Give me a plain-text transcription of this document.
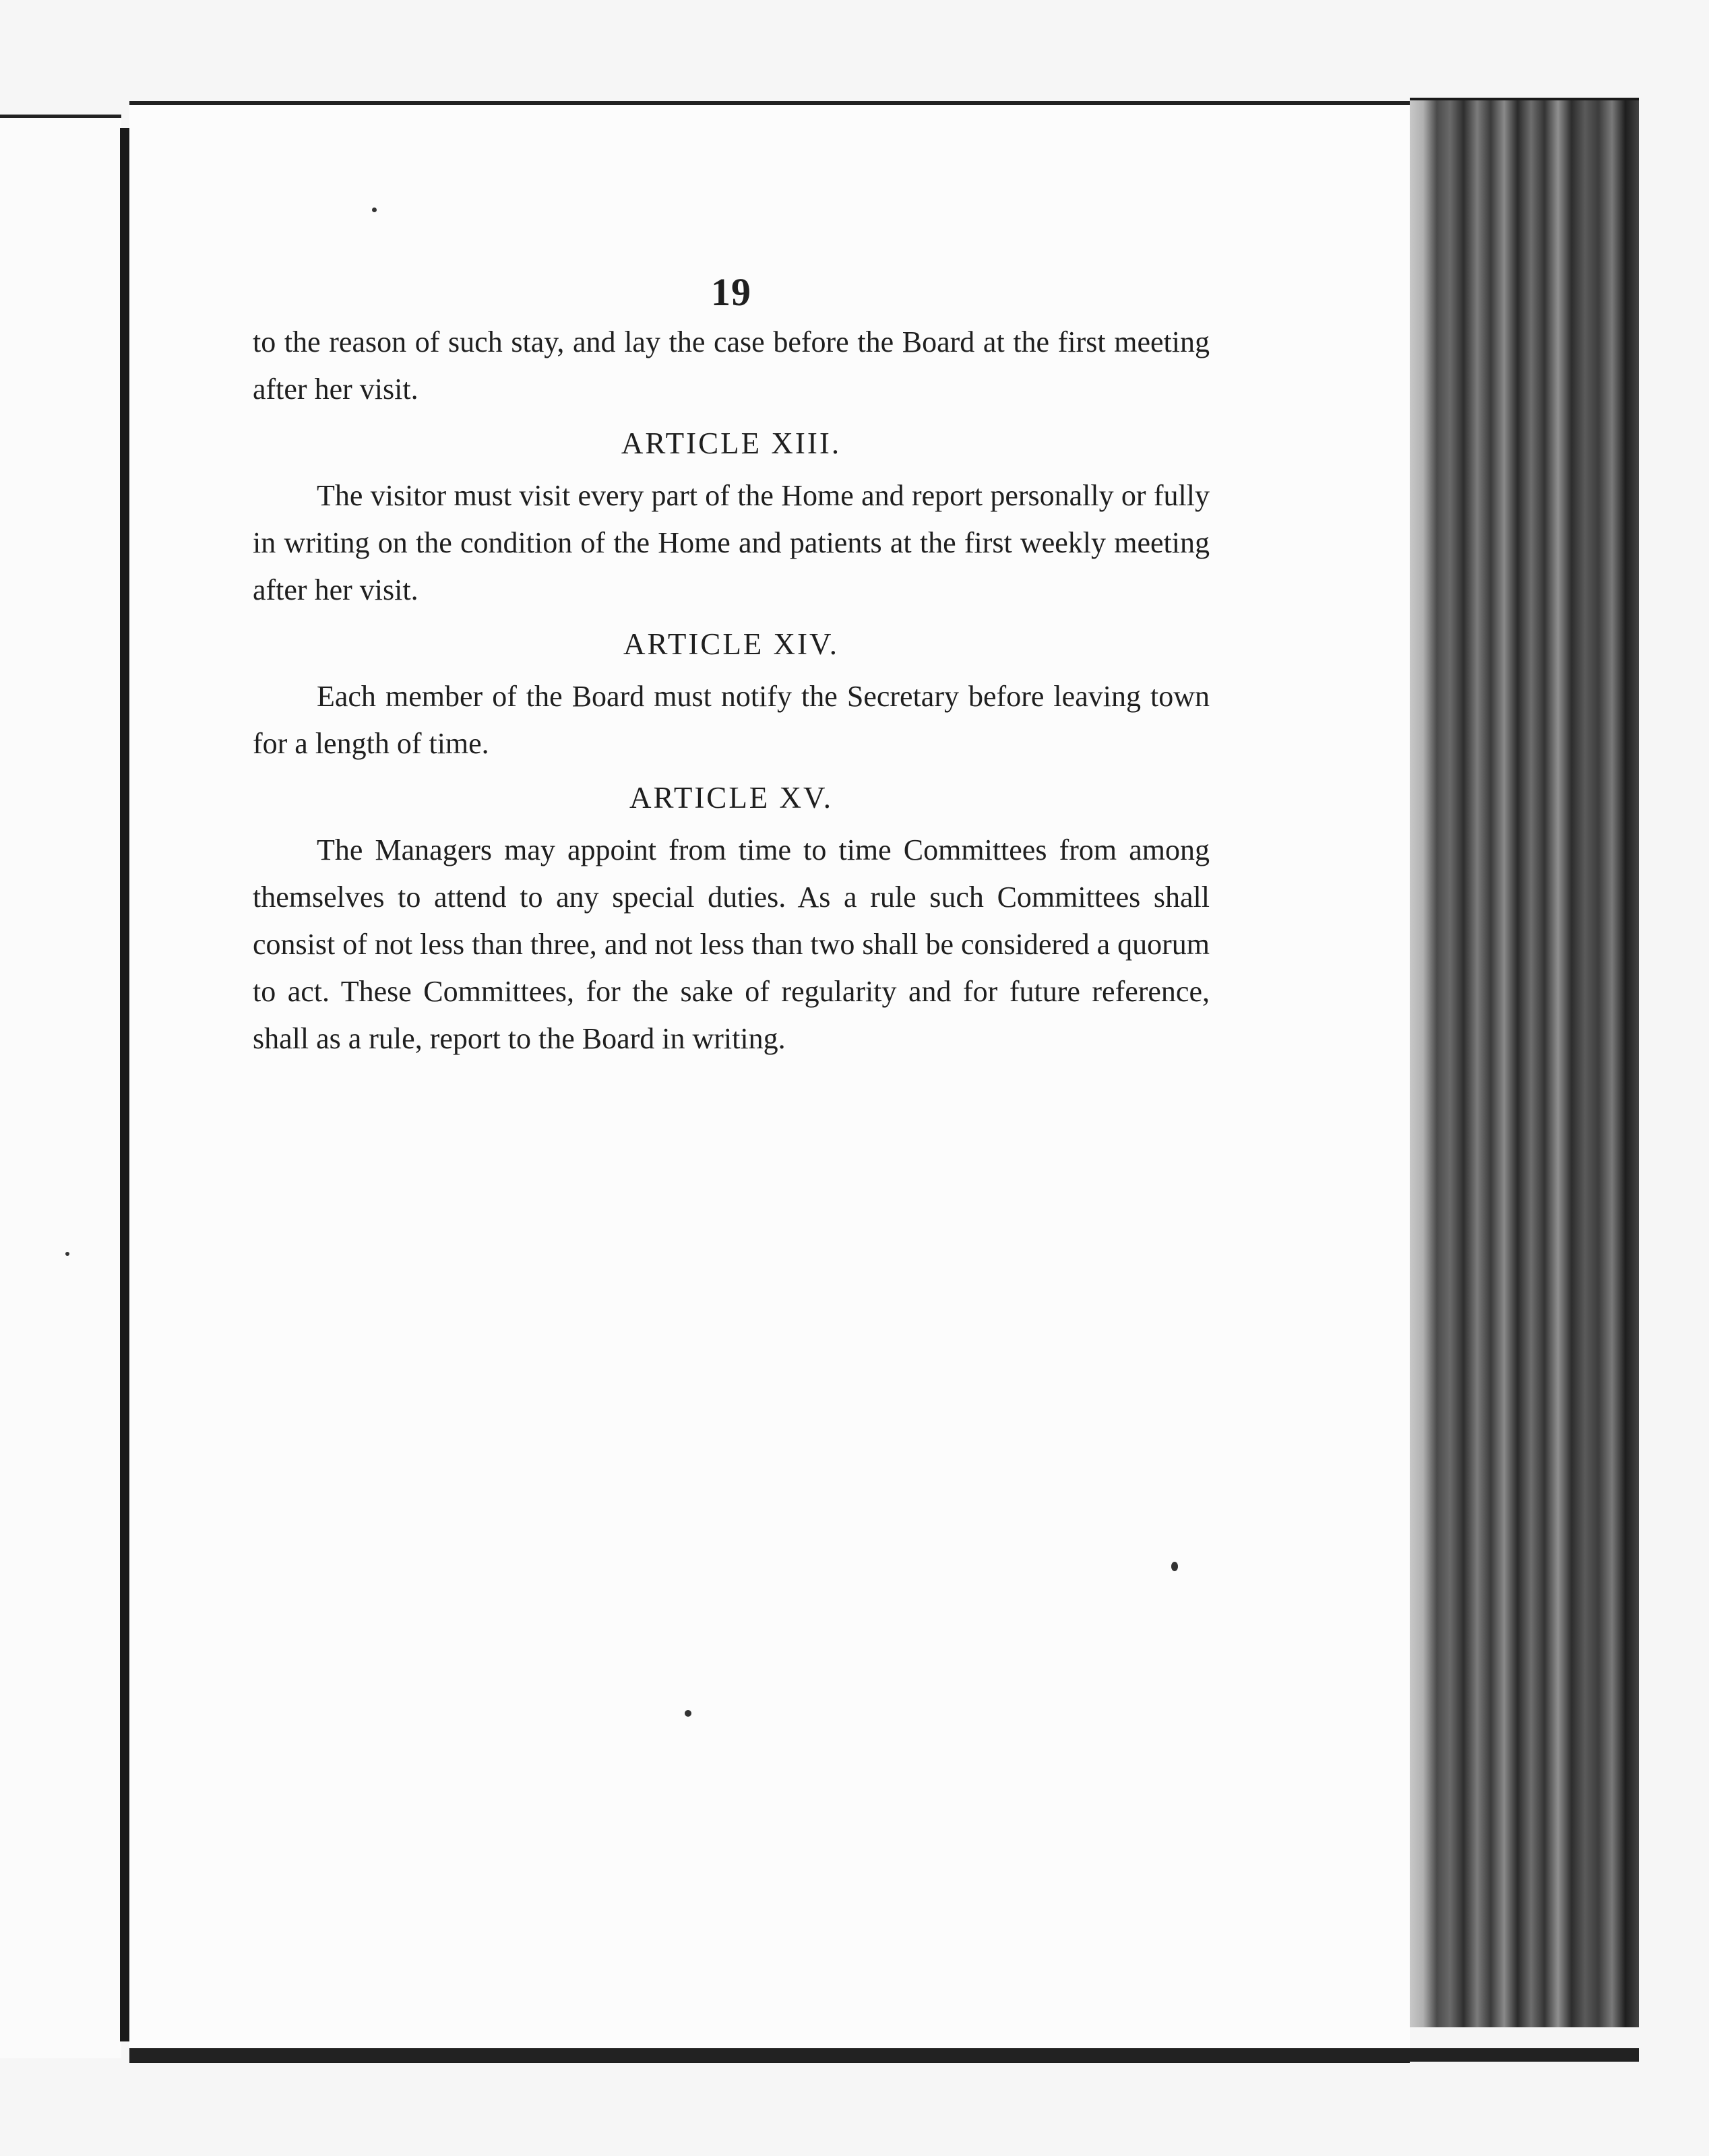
19

to the reason of such stay, and lay the case before the Board at the first meeting after her visit.

ARTICLE XIII.

The visitor must visit every part of the Home and report personally or fully in writing on the condition of the Home and patients at the first weekly meeting after her visit.

ARTICLE XIV.

Each member of the Board must notify the Secretary before leaving town for a length of time.

ARTICLE XV.

The Managers may appoint from time to time Committees from among themselves to attend to any special duties. As a rule such Committees shall consist of not less than three, and not less than two shall be considered a quorum to act. These Committees, for the sake of regularity and for future reference, shall as a rule, report to the Board in writing.
